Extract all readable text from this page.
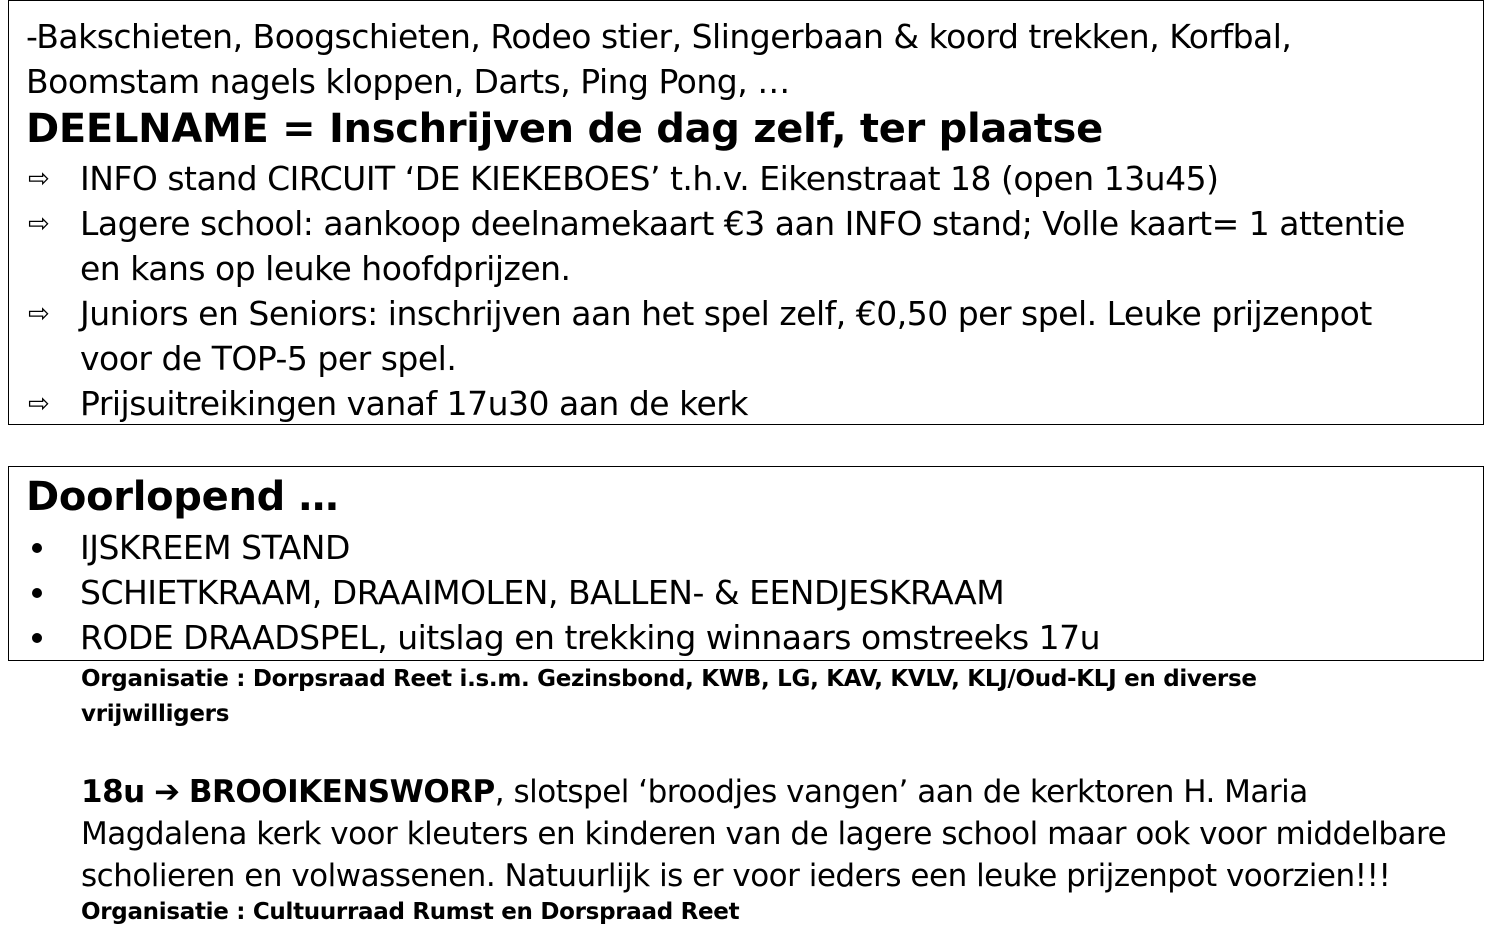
-Bakschieten, Boogschieten, Rodeo stier, Slingerbaan & koord trekken, Korfbal,
Boomstam nagels kloppen, Darts, Ping Pong, …
DEELNAME = Inschrijven de dag zelf, ter plaatse
⇨ INFO stand CIRCUIT ‘DE KIEKEBOES’ t.h.v. Eikenstraat 18 (open 13u45)
⇨ Lagere school: aankoop deelnamekaart €3 aan INFO stand; Volle kaart= 1 attentie
en kans op leuke hoofdprijzen.
⇨ Juniors en Seniors: inschrijven aan het spel zelf, €0,50 per spel. Leuke prijzenpot
voor de TOP-5 per spel.
⇨ Prijsuitreikingen vanaf 17u30 aan de kerk
Doorlopend …
IJSKREEM STAND
SCHIETKRAAM, DRAAIMOLEN, BALLEN- & EENDJESKRAAM
RODE DRAADSPEL, uitslag en trekking winnaars omstreeks 17u
Organisatie : Dorpsraad Reet i.s.m. Gezinsbond, KWB, LG, KAV, KVLV, KLJ/Oud-KLJ en diverse
vrijwilligers
18u ➔ BROOIKENSWORP, slotspel ‘broodjes vangen’ aan de kerktoren H. Maria
Magdalena kerk voor kleuters en kinderen van de lagere school maar ook voor middelbare
scholieren en volwassenen. Natuurlijk is er voor ieders een leuke prijzenpot voorzien!!!
Organisatie : Cultuurraad Rumst en Dorspraad Reet
